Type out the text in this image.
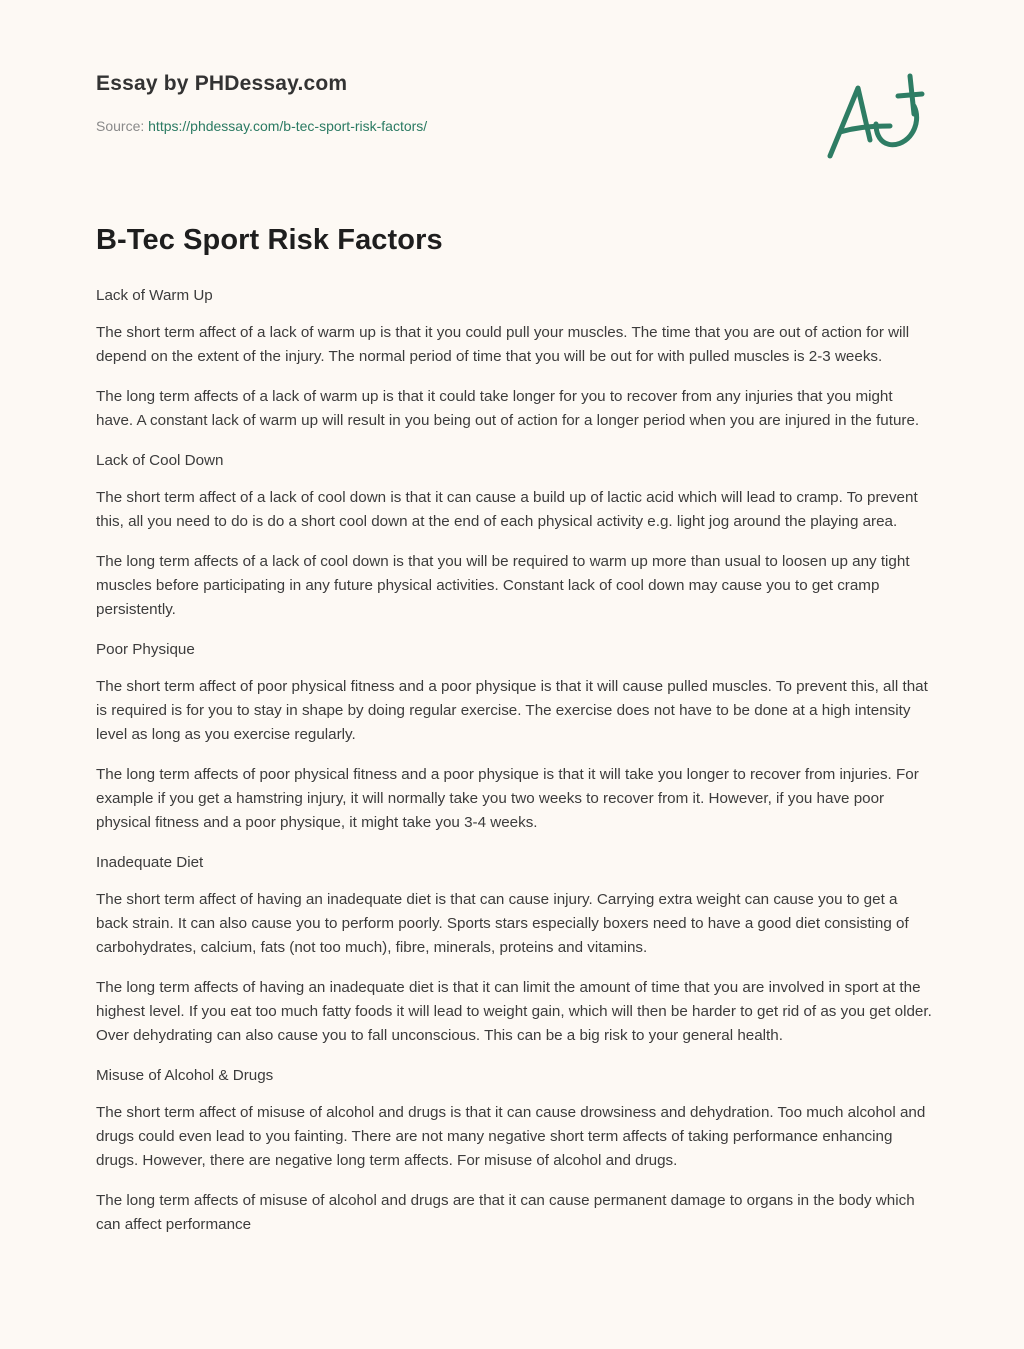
Essay by PHDessay.com
Source: https://phdessay.com/b-tec-sport-risk-factors/
B-Tec Sport Risk Factors

Lack of Warm Up

The short term affect of a lack of warm up is that it you could pull your muscles. The time that you are out of action for will depend on the extent of the injury. The normal period of time that you will be out for with pulled muscles is 2-3 weeks.

The long term affects of a lack of warm up is that it could take longer for you to recover from any injuries that you might have. A constant lack of warm up will result in you being out of action for a longer period when you are injured in the future.

Lack of Cool Down

The short term affect of a lack of cool down is that it can cause a build up of lactic acid which will lead to cramp. To prevent this, all you need to do is do a short cool down at the end of each physical activity e.g. light jog around the playing area.

The long term affects of a lack of cool down is that you will be required to warm up more than usual to loosen up any tight muscles before participating in any future physical activities. Constant lack of cool down may cause you to get cramp persistently.

Poor Physique

The short term affect of poor physical fitness and a poor physique is that it will cause pulled muscles. To prevent this, all that is required is for you to stay in shape by doing regular exercise. The exercise does not have to be done at a high intensity level as long as you exercise regularly.

The long term affects of poor physical fitness and a poor physique is that it will take you longer to recover from injuries. For example if you get a hamstring injury, it will normally take you two weeks to recover from it. However, if you have poor physical fitness and a poor physique, it might take you 3-4 weeks.

Inadequate Diet

The short term affect of having an inadequate diet is that can cause injury. Carrying extra weight can cause you to get a back strain. It can also cause you to perform poorly. Sports stars especially boxers need to have a good diet consisting of carbohydrates, calcium, fats (not too much), fibre, minerals, proteins and vitamins.

The long term affects of having an inadequate diet is that it can limit the amount of time that you are involved in sport at the highest level. If you eat too much fatty foods it will lead to weight gain, which will then be harder to get rid of as you get older. Over dehydrating can also cause you to fall unconscious. This can be a big risk to your general health.

Misuse of Alcohol & Drugs

The short term affect of misuse of alcohol and drugs is that it can cause drowsiness and dehydration. Too much alcohol and drugs could even lead to you fainting. There are not many negative short term affects of taking performance enhancing drugs. However, there are negative long term affects. For misuse of alcohol and drugs.

The long term affects of misuse of alcohol and drugs are that it can cause permanent damage to organs in the body which can affect performance
